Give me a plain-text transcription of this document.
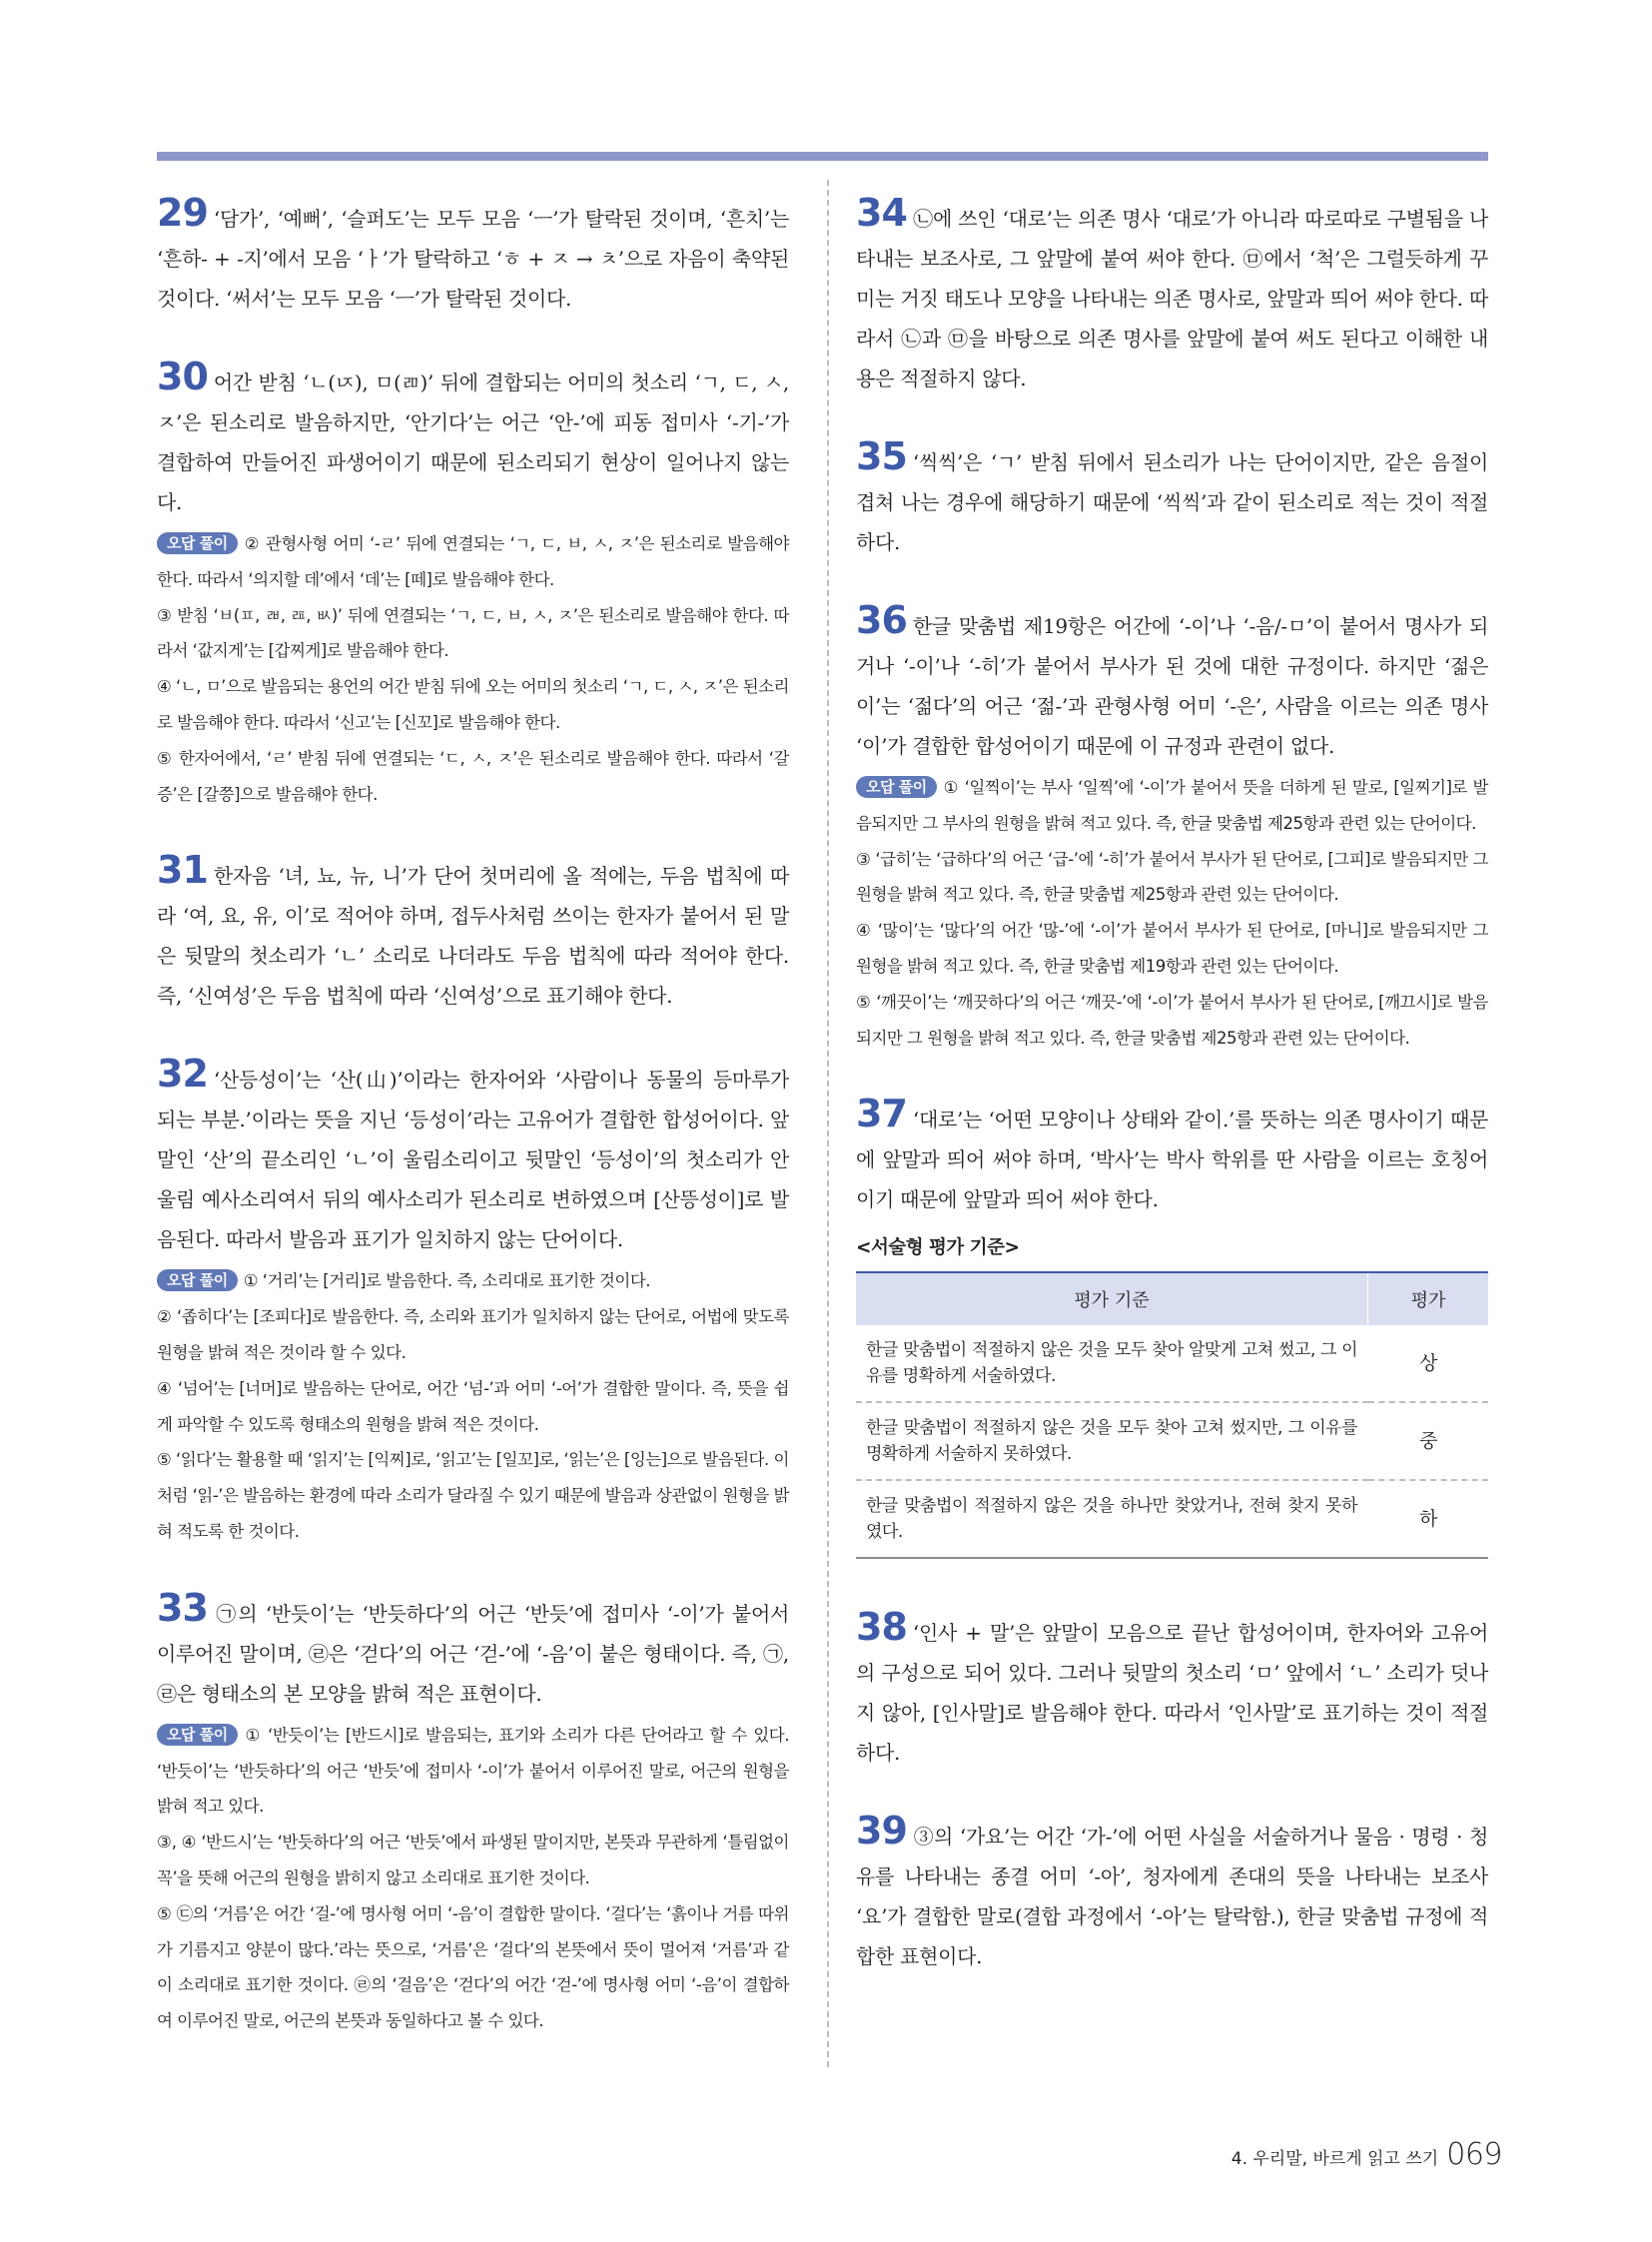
29 ‘담가’, ‘예뻐’, ‘슬퍼도’는 모두 모음 ‘ㅡ’가 탈락된 것이며, ‘흔치’는 ‘흔하- + -지’에서 모음 ‘ㅏ’가 탈락하고 ‘ㅎ + ㅈ → ㅊ’으로 자음이 축약된 것이다. ‘써서’는 모두 모음 ‘ㅡ’가 탈락된 것이다.
30 어간 받침 ‘ㄴ(ㄵ), ㅁ(ㄻ)’ 뒤에 결합되는 어미의 첫소리 ‘ㄱ, ㄷ, ㅅ, ㅈ’은 된소리로 발음하지만, ‘안기다’는 어근 ‘안-’에 피동 접미사 ‘-기-’가 결합하여 만들어진 파생어이기 때문에 된소리되기 현상이 일어나지 않는다.

오답 풀이 ② 관형사형 어미 ‘-ㄹ’ 뒤에 연결되는 ‘ㄱ, ㄷ, ㅂ, ㅅ, ㅈ’은 된소리로 발음해야 한다. 따라서 ‘의지할 데’에서 ‘데’는 [떼]로 발음해야 한다.

③ 받침 ‘ㅂ(ㅍ, ㄼ, ㄿ, ㅄ)’ 뒤에 연결되는 ‘ㄱ, ㄷ, ㅂ, ㅅ, ㅈ’은 된소리로 발음해야 한다. 따라서 ‘값지게’는 [갑찌게]로 발음해야 한다.

④ ‘ㄴ, ㅁ’으로 발음되는 용언의 어간 받침 뒤에 오는 어미의 첫소리 ‘ㄱ, ㄷ, ㅅ, ㅈ’은 된소리로 발음해야 한다. 따라서 ‘신고’는 [신꼬]로 발음해야 한다.

⑤ 한자어에서, ‘ㄹ’ 받침 뒤에 연결되는 ‘ㄷ, ㅅ, ㅈ’은 된소리로 발음해야 한다. 따라서 ‘갈증’은 [갈쯩]으로 발음해야 한다.

31 한자음 ‘녀, 뇨, 뉴, 니’가 단어 첫머리에 올 적에는, 두음 법칙에 따라 ‘여, 요, 유, 이’로 적어야 하며, 접두사처럼 쓰이는 한자가 붙어서 된 말은 뒷말의 첫소리가 ‘ㄴ’ 소리로 나더라도 두음 법칙에 따라 적어야 한다. 즉, ‘신여성’은 두음 법칙에 따라 ‘신여성’으로 표기해야 한다.
32 ‘산등성이’는 ‘산(山)’이라는 한자어와 ‘사람이나 동물의 등마루가 되는 부분.’이라는 뜻을 지닌 ‘등성이’라는 고유어가 결합한 합성어이다. 앞말인 ‘산’의 끝소리인 ‘ㄴ’이 울림소리이고 뒷말인 ‘등성이’의 첫소리가 안울림 예사소리여서 뒤의 예사소리가 된소리로 변하였으며 [산뜽성이]로 발음된다. 따라서 발음과 표기가 일치하지 않는 단어이다.

오답 풀이 ① ‘거리’는 [거리]로 발음한다. 즉, 소리대로 표기한 것이다.

② ‘좁히다’는 [조피다]로 발음한다. 즉, 소리와 표기가 일치하지 않는 단어로, 어법에 맞도록 원형을 밝혀 적은 것이라 할 수 있다.

④ ‘넘어’는 [너머]로 발음하는 단어로, 어간 ‘넘-’과 어미 ‘-어’가 결합한 말이다. 즉, 뜻을 쉽게 파악할 수 있도록 형태소의 원형을 밝혀 적은 것이다.

⑤ ‘읽다’는 활용할 때 ‘읽지’는 [익찌]로, ‘읽고’는 [일꼬]로, ‘읽는’은 [잉는]으로 발음된다. 이처럼 ‘읽-’은 발음하는 환경에 따라 소리가 달라질 수 있기 때문에 발음과 상관없이 원형을 밝혀 적도록 한 것이다.

33 ㉠의 ‘반듯이’는 ‘반듯하다’의 어근 ‘반듯’에 접미사 ‘-이’가 붙어서 이루어진 말이며, ㉣은 ‘걷다’의 어근 ‘걷-’에 ‘-음’이 붙은 형태이다. 즉, ㉠, ㉣은 형태소의 본 모양을 밝혀 적은 표현이다.

오답 풀이 ① ‘반듯이’는 [반드시]로 발음되는, 표기와 소리가 다른 단어라고 할 수 있다. ‘반듯이’는 ‘반듯하다’의 어근 ‘반듯’에 접미사 ‘-이’가 붙어서 이루어진 말로, 어근의 원형을 밝혀 적고 있다.

③, ④ ‘반드시’는 ‘반듯하다’의 어근 ‘반듯’에서 파생된 말이지만, 본뜻과 무관하게 ‘틀림없이 꼭’을 뜻해 어근의 원형을 밝히지 않고 소리대로 표기한 것이다.

⑤ ㉢의 ‘거름’은 어간 ‘걸-’에 명사형 어미 ‘-음’이 결합한 말이다. ‘걸다’는 ‘흙이나 거름 따위가 기름지고 양분이 많다.’라는 뜻으로, ‘거름’은 ‘걸다’의 본뜻에서 뜻이 멀어져 ‘거름’과 같이 소리대로 표기한 것이다. ㉣의 ‘걸음’은 ‘걷다’의 어간 ‘걷-’에 명사형 어미 ‘-음’이 결합하여 이루어진 말로, 어근의 본뜻과 동일하다고 볼 수 있다.

34 ㉡에 쓰인 ‘대로’는 의존 명사 ‘대로’가 아니라 따로따로 구별됨을 나타내는 보조사로, 그 앞말에 붙여 써야 한다. ㉤에서 ‘척’은 그럴듯하게 꾸미는 거짓 태도나 모양을 나타내는 의존 명사로, 앞말과 띄어 써야 한다. 따라서 ㉡과 ㉤을 바탕으로 의존 명사를 앞말에 붙여 써도 된다고 이해한 내용은 적절하지 않다.
35 ‘씩씩’은 ‘ㄱ’ 받침 뒤에서 된소리가 나는 단어이지만, 같은 음절이 겹쳐 나는 경우에 해당하기 때문에 ‘씩씩’과 같이 된소리로 적는 것이 적절하다.
36 한글 맞춤법 제19항은 어간에 ‘-이’나 ‘-음/-ㅁ’이 붙어서 명사가 되거나 ‘-이’나 ‘-히’가 붙어서 부사가 된 것에 대한 규정이다. 하지만 ‘젊은이’는 ‘젊다’의 어근 ‘젊-’과 관형사형 어미 ‘-은’, 사람을 이르는 의존 명사 ‘이’가 결합한 합성어이기 때문에 이 규정과 관련이 없다.

오답 풀이 ① ‘일찍이’는 부사 ‘일찍’에 ‘-이’가 붙어서 뜻을 더하게 된 말로, [일찌기]로 발음되지만 그 부사의 원형을 밝혀 적고 있다. 즉, 한글 맞춤법 제25항과 관련 있는 단어이다.

③ ‘급히’는 ‘급하다’의 어근 ‘급-’에 ‘-히’가 붙어서 부사가 된 단어로, [그피]로 발음되지만 그 원형을 밝혀 적고 있다. 즉, 한글 맞춤법 제25항과 관련 있는 단어이다.

④ ‘많이’는 ‘많다’의 어간 ‘많-’에 ‘-이’가 붙어서 부사가 된 단어로, [마니]로 발음되지만 그 원형을 밝혀 적고 있다. 즉, 한글 맞춤법 제19항과 관련 있는 단어이다.

⑤ ‘깨끗이’는 ‘깨끗하다’의 어근 ‘깨끗-’에 ‘-이’가 붙어서 부사가 된 단어로, [깨끄시]로 발음되지만 그 원형을 밝혀 적고 있다. 즉, 한글 맞춤법 제25항과 관련 있는 단어이다.

37 ‘대로’는 ‘어떤 모양이나 상태와 같이.’를 뜻하는 의존 명사이기 때문에 앞말과 띄어 써야 하며, ‘박사’는 박사 학위를 딴 사람을 이르는 호칭어이기 때문에 앞말과 띄어 써야 한다.
<서술형 평가 기준>
평가 기준	평가
한글 맞춤법이 적절하지 않은 것을 모두 찾아 알맞게 고쳐 썼고, 그 이유를 명확하게 서술하였다.	상
한글 맞춤법이 적절하지 않은 것을 모두 찾아 고쳐 썼지만, 그 이유를 명확하게 서술하지 못하였다.	중
한글 맞춤법이 적절하지 않은 것을 하나만 찾았거나, 전혀 찾지 못하였다.	하
38 ‘인사 + 말’은 앞말이 모음으로 끝난 합성어이며, 한자어와 고유어의 구성으로 되어 있다. 그러나 뒷말의 첫소리 ‘ㅁ’ 앞에서 ‘ㄴ’ 소리가 덧나지 않아, [인사말]로 발음해야 한다. 따라서 ‘인사말’로 표기하는 것이 적절하다.
39 ③의 ‘가요’는 어간 ‘가-’에 어떤 사실을 서술하거나 물음 · 명령 · 청유를 나타내는 종결 어미 ‘-아’, 청자에게 존대의 뜻을 나타내는 보조사 ‘요’가 결합한 말로(결합 과정에서 ‘-아’는 탈락함.), 한글 맞춤법 규정에 적합한 표현이다.
4. 우리말, 바르게 읽고 쓰기 069
